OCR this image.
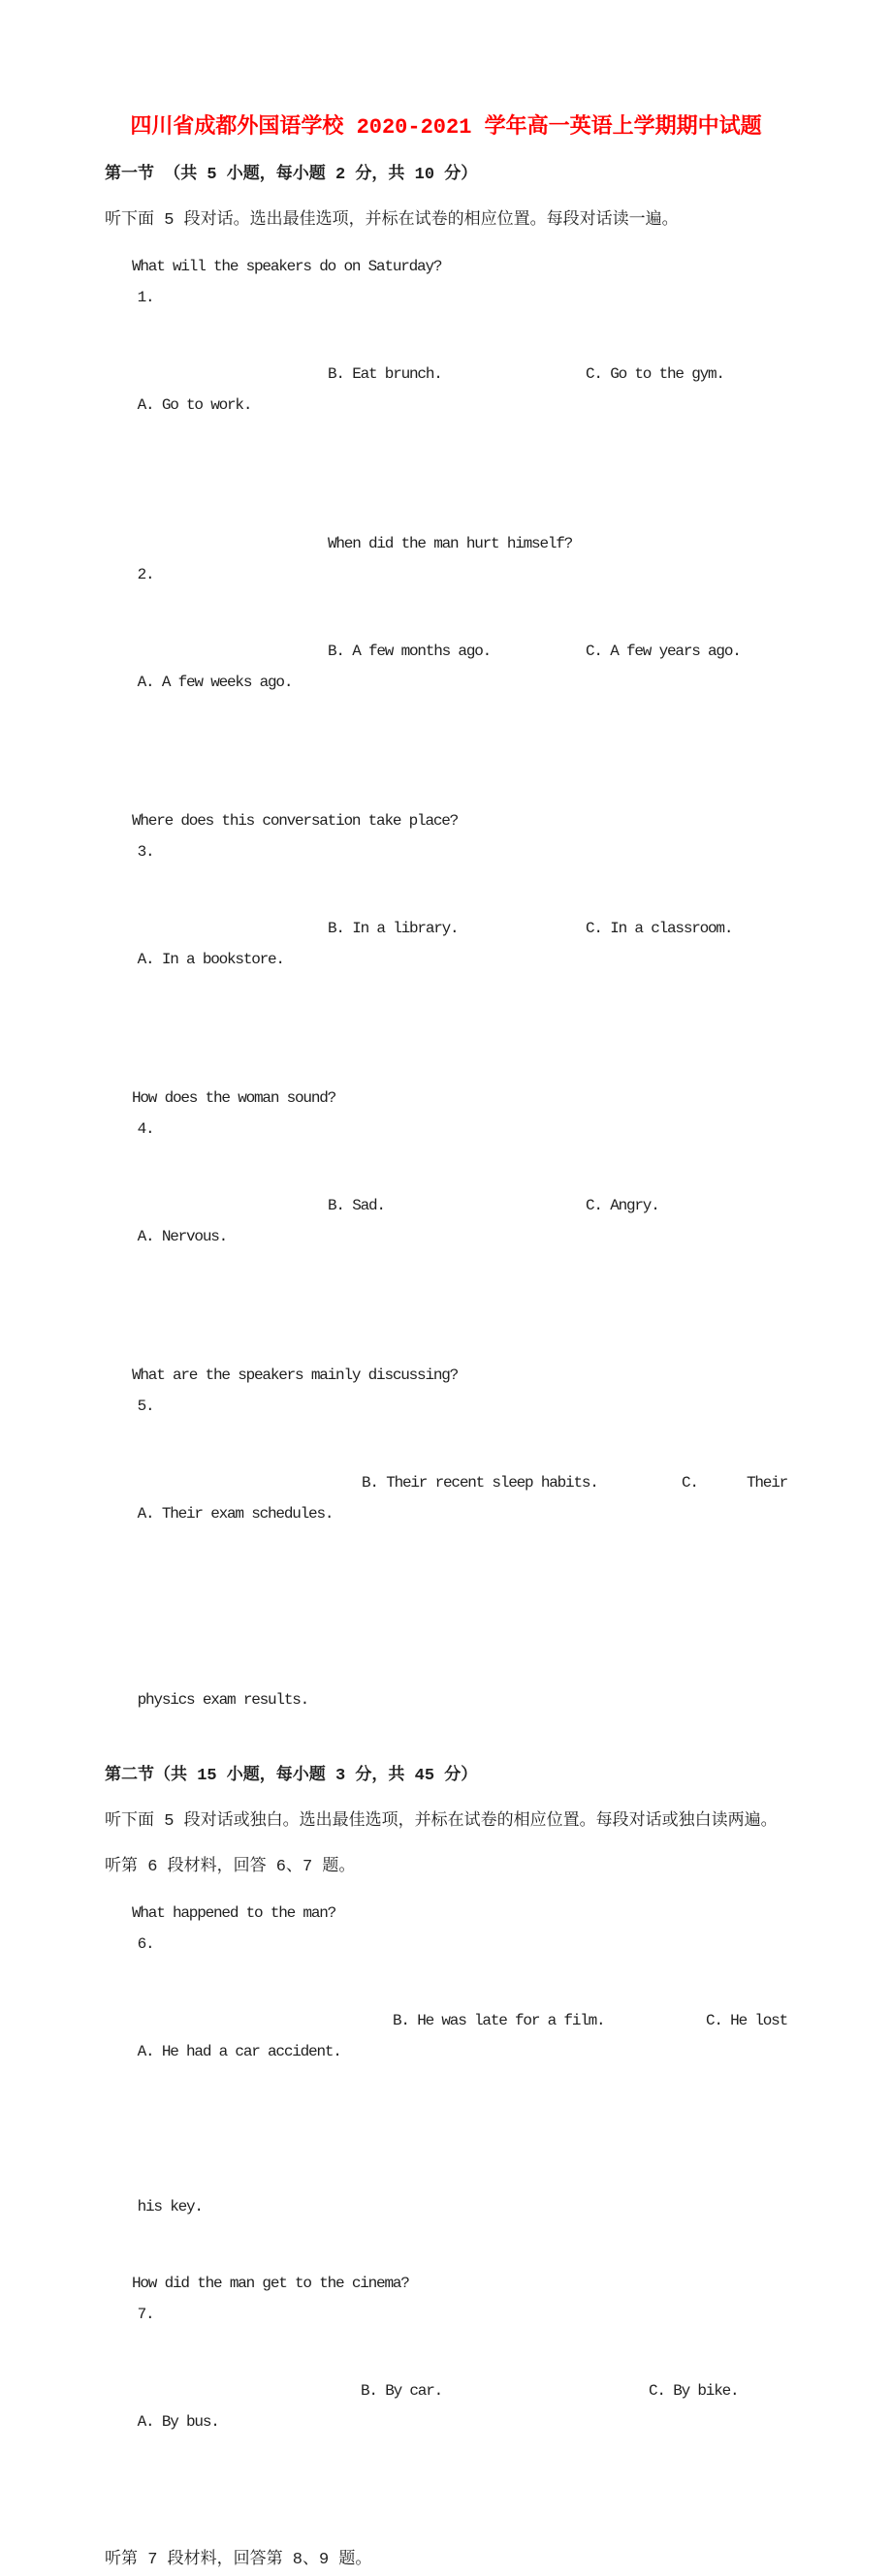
四川省成都外国语学校 2020-2021 学年高一英语上学期期中试题

第一节 （共 5 小题，每小题 2 分，共 10 分）

听下面 5 段对话。选出最佳选项，并标在试卷的相应位置。每段对话读一遍。

1.
What will the speakers do on Saturday?

A. Go to work.

B. Eat brunch.

	C. Go to the gym.

2.
When did the man hurt himself?

A. A few weeks ago.

B. A few months ago.

	C. A few years ago.

3.
Where does this conversation take place?

A. In a bookstore.

B. In a library.

	C. In a classroom.

4.
How does the woman sound?

A. Nervous.

B. Sad.

	C. Angry.

5.
What are the speakers mainly discussing?

A. Their exam schedules.

B. Their recent sleep habits.

	C.

	Their

physics exam results.

第二节（共 15 小题，每小题 3 分，共 45 分）

听下面 5 段对话或独白。选出最佳选项，并标在试卷的相应位置。每段对话或独白读两遍。

听第 6 段材料，回答 6、7 题。

6.
What happened to the man?

A. He had a car accident.

B. He was late for a film.

	C. He lost

his key.

7.
How did the man get to the cinema?

A. By bus.

B. By car.

	C. By bike.

听第 7 段材料，回答第 8、9 题。
